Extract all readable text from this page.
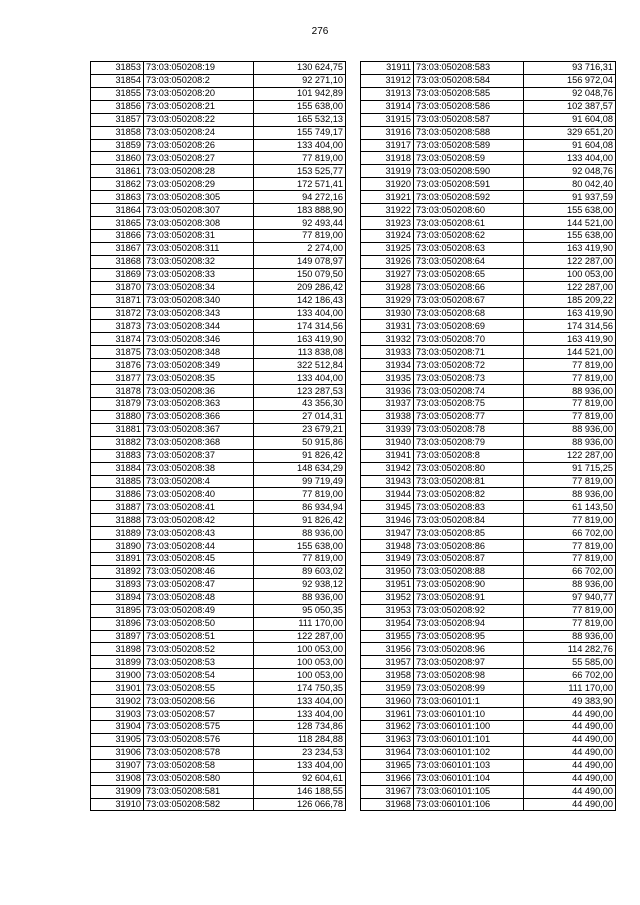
276
31853	73:03:050208:19	130 624,75
31854	73:03:050208:2	92 271,10
31855	73:03:050208:20	101 942,89
31856	73:03:050208:21	155 638,00
31857	73:03:050208:22	165 532,13
31858	73:03:050208:24	155 749,17
31859	73:03:050208:26	133 404,00
31860	73:03:050208:27	77 819,00
31861	73:03:050208:28	153 525,77
31862	73:03:050208:29	172 571,41
31863	73:03:050208:305	94 272,16
31864	73:03:050208:307	183 888,90
31865	73:03:050208:308	92 493,44
31866	73:03:050208:31	77 819,00
31867	73:03:050208:311	2 274,00
31868	73:03:050208:32	149 078,97
31869	73:03:050208:33	150 079,50
31870	73:03:050208:34	209 286,42
31871	73:03:050208:340	142 186,43
31872	73:03:050208:343	133 404,00
31873	73:03:050208:344	174 314,56
31874	73:03:050208:346	163 419,90
31875	73:03:050208:348	113 838,08
31876	73:03:050208:349	322 512,84
31877	73:03:050208:35	133 404,00
31878	73:03:050208:36	123 287,53
31879	73:03:050208:363	43 356,30
31880	73:03:050208:366	27 014,31
31881	73:03:050208:367	23 679,21
31882	73:03:050208:368	50 915,86
31883	73:03:050208:37	91 826,42
31884	73:03:050208:38	148 634,29
31885	73:03:050208:4	99 719,49
31886	73:03:050208:40	77 819,00
31887	73:03:050208:41	86 934,94
31888	73:03:050208:42	91 826,42
31889	73:03:050208:43	88 936,00
31890	73:03:050208:44	155 638,00
31891	73:03:050208:45	77 819,00
31892	73:03:050208:46	89 603,02
31893	73:03:050208:47	92 938,12
31894	73:03:050208:48	88 936,00
31895	73:03:050208:49	95 050,35
31896	73:03:050208:50	111 170,00
31897	73:03:050208:51	122 287,00
31898	73:03:050208:52	100 053,00
31899	73:03:050208:53	100 053,00
31900	73:03:050208:54	100 053,00
31901	73:03:050208:55	174 750,35
31902	73:03:050208:56	133 404,00
31903	73:03:050208:57	133 404,00
31904	73:03:050208:575	128 734,86
31905	73:03:050208:576	118 284,88
31906	73:03:050208:578	23 234,53
31907	73:03:050208:58	133 404,00
31908	73:03:050208:580	92 604,61
31909	73:03:050208:581	146 188,55
31910	73:03:050208:582	126 066,78
31911	73:03:050208:583	93 716,31
31912	73:03:050208:584	156 972,04
31913	73:03:050208:585	92 048,76
31914	73:03:050208:586	102 387,57
31915	73:03:050208:587	91 604,08
31916	73:03:050208:588	329 651,20
31917	73:03:050208:589	91 604,08
31918	73:03:050208:59	133 404,00
31919	73:03:050208:590	92 048,76
31920	73:03:050208:591	80 042,40
31921	73:03:050208:592	91 937,59
31922	73:03:050208:60	155 638,00
31923	73:03:050208:61	144 521,00
31924	73:03:050208:62	155 638,00
31925	73:03:050208:63	163 419,90
31926	73:03:050208:64	122 287,00
31927	73:03:050208:65	100 053,00
31928	73:03:050208:66	122 287,00
31929	73:03:050208:67	185 209,22
31930	73:03:050208:68	163 419,90
31931	73:03:050208:69	174 314,56
31932	73:03:050208:70	163 419,90
31933	73:03:050208:71	144 521,00
31934	73:03:050208:72	77 819,00
31935	73:03:050208:73	77 819,00
31936	73:03:050208:74	88 936,00
31937	73:03:050208:75	77 819,00
31938	73:03:050208:77	77 819,00
31939	73:03:050208:78	88 936,00
31940	73:03:050208:79	88 936,00
31941	73:03:050208:8	122 287,00
31942	73:03:050208:80	91 715,25
31943	73:03:050208:81	77 819,00
31944	73:03:050208:82	88 936,00
31945	73:03:050208:83	61 143,50
31946	73:03:050208:84	77 819,00
31947	73:03:050208:85	66 702,00
31948	73:03:050208:86	77 819,00
31949	73:03:050208:87	77 819,00
31950	73:03:050208:88	66 702,00
31951	73:03:050208:90	88 936,00
31952	73:03:050208:91	97 940,77
31953	73:03:050208:92	77 819,00
31954	73:03:050208:94	77 819,00
31955	73:03:050208:95	88 936,00
31956	73:03:050208:96	114 282,76
31957	73:03:050208:97	55 585,00
31958	73:03:050208:98	66 702,00
31959	73:03:050208:99	111 170,00
31960	73:03:060101:1	49 383,90
31961	73:03:060101:10	44 490,00
31962	73:03:060101:100	44 490,00
31963	73:03:060101:101	44 490,00
31964	73:03:060101:102	44 490,00
31965	73:03:060101:103	44 490,00
31966	73:03:060101:104	44 490,00
31967	73:03:060101:105	44 490,00
31968	73:03:060101:106	44 490,00
